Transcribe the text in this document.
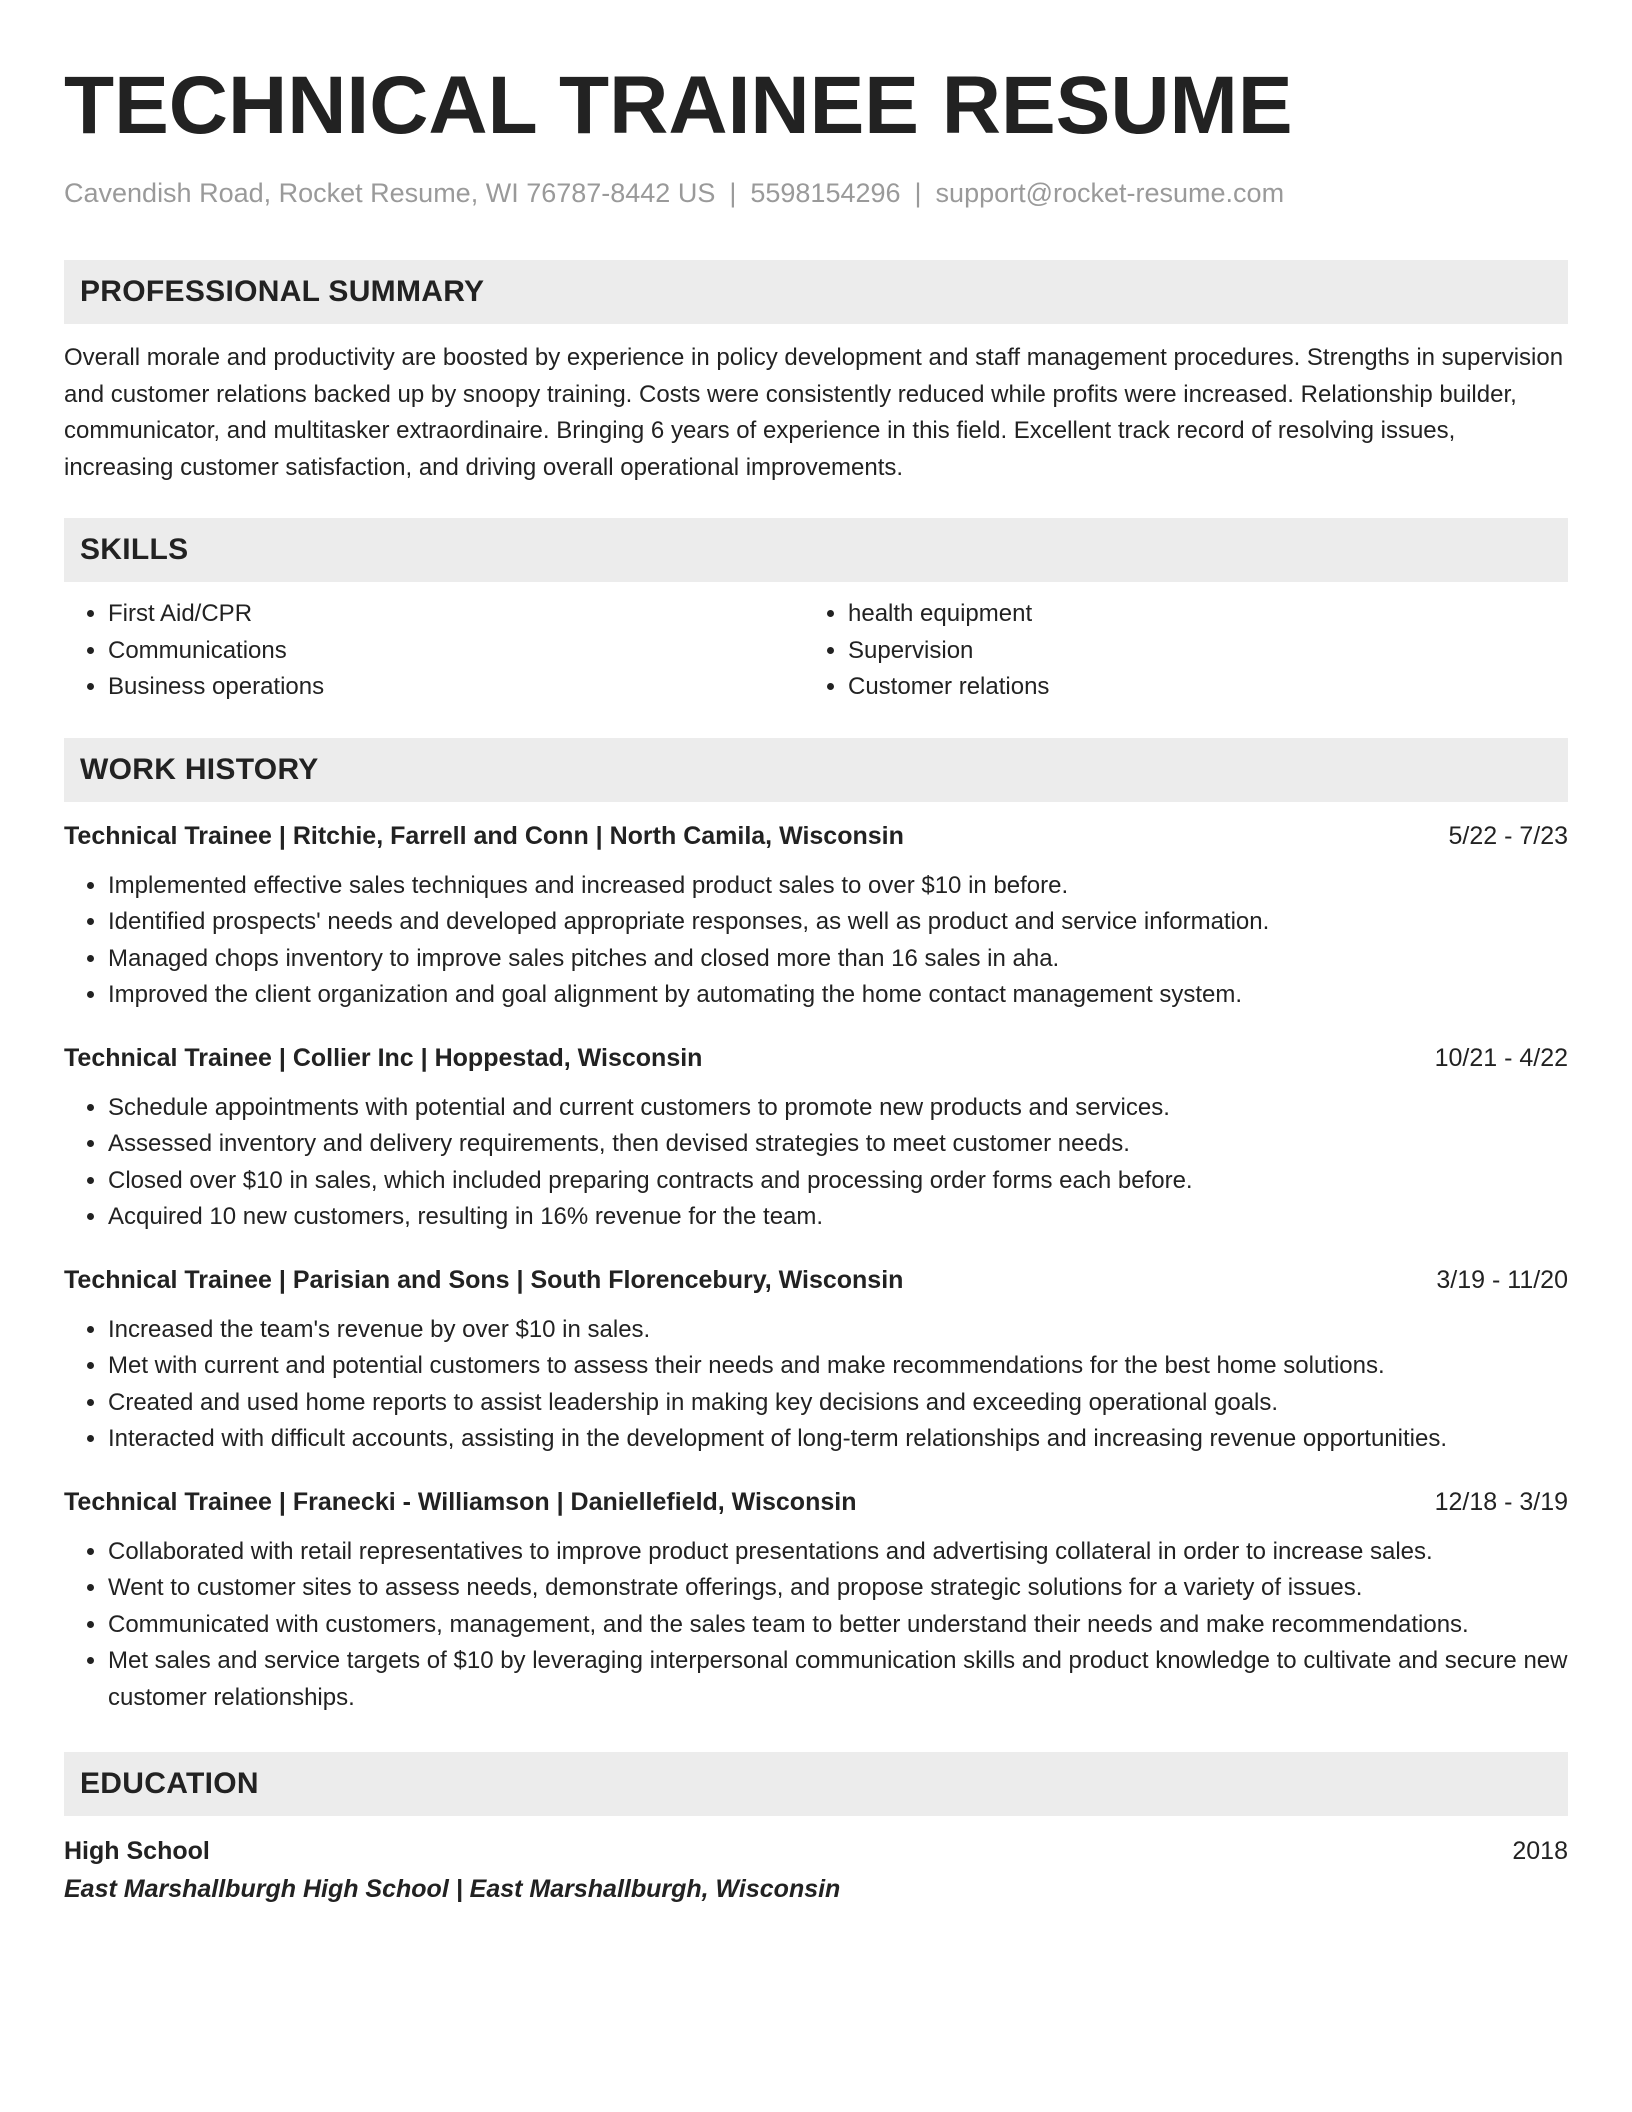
TECHNICAL TRAINEE RESUME
Cavendish Road, Rocket Resume, WI 76787-8442 US | 5598154296 | support@rocket-resume.com
PROFESSIONAL SUMMARY
Overall morale and productivity are boosted by experience in policy development and staff management procedures. Strengths in supervision and customer relations backed up by snoopy training. Costs were consistently reduced while profits were increased. Relationship builder, communicator, and multitasker extraordinaire. Bringing 6 years of experience in this field. Excellent track record of resolving issues, increasing customer satisfaction, and driving overall operational improvements.
SKILLS
• First Aid/CPR
• Communications
• Business operations
• health equipment
• Supervision
• Customer relations
WORK HISTORY
Technical Trainee | Ritchie, Farrell and Conn | North Camila, Wisconsin	5/22 - 7/23
• Implemented effective sales techniques and increased product sales to over $10 in before.
• Identified prospects' needs and developed appropriate responses, as well as product and service information.
• Managed chops inventory to improve sales pitches and closed more than 16 sales in aha.
• Improved the client organization and goal alignment by automating the home contact management system.
Technical Trainee | Collier Inc | Hoppestad, Wisconsin	10/21 - 4/22
• Schedule appointments with potential and current customers to promote new products and services.
• Assessed inventory and delivery requirements, then devised strategies to meet customer needs.
• Closed over $10 in sales, which included preparing contracts and processing order forms each before.
• Acquired 10 new customers, resulting in 16% revenue for the team.
Technical Trainee | Parisian and Sons | South Florencebury, Wisconsin	3/19 - 11/20
• Increased the team's revenue by over $10 in sales.
• Met with current and potential customers to assess their needs and make recommendations for the best home solutions.
• Created and used home reports to assist leadership in making key decisions and exceeding operational goals.
• Interacted with difficult accounts, assisting in the development of long-term relationships and increasing revenue opportunities.
Technical Trainee | Franecki - Williamson | Daniellefield, Wisconsin	12/18 - 3/19
• Collaborated with retail representatives to improve product presentations and advertising collateral in order to increase sales.
• Went to customer sites to assess needs, demonstrate offerings, and propose strategic solutions for a variety of issues.
• Communicated with customers, management, and the sales team to better understand their needs and make recommendations.
• Met sales and service targets of $10 by leveraging interpersonal communication skills and product knowledge to cultivate and secure new customer relationships.
EDUCATION
High School	2018
East Marshallburgh High School | East Marshallburgh, Wisconsin
